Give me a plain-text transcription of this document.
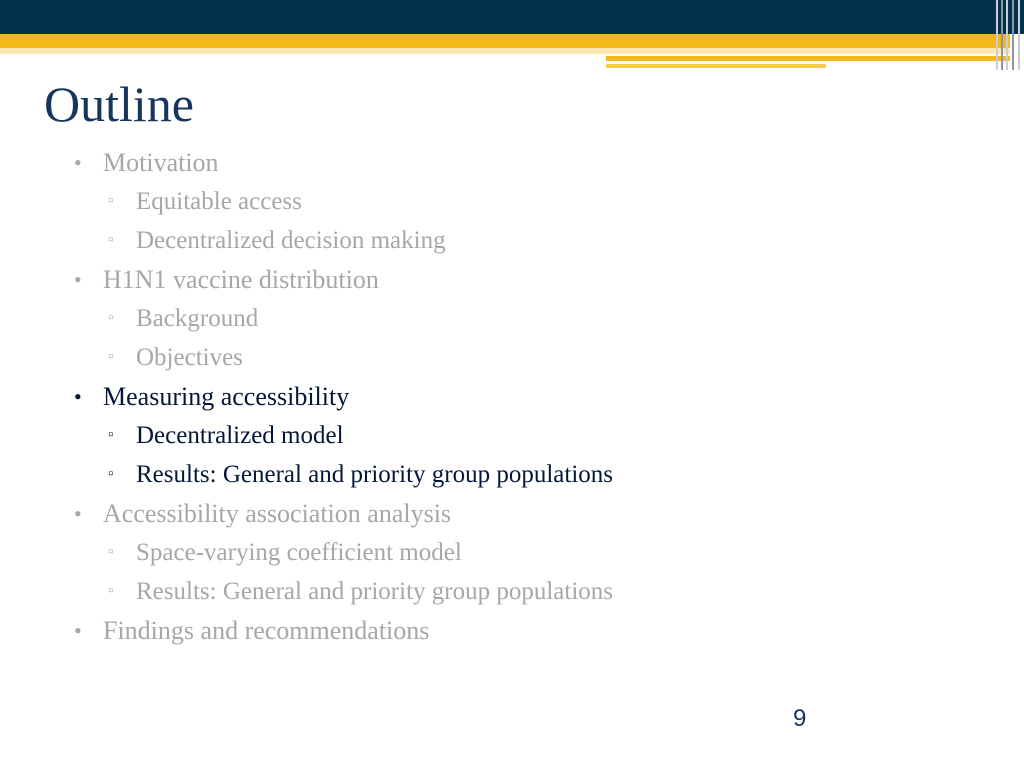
Outline
• Motivation
▫ Equitable access
▫ Decentralized decision making
• H1N1 vaccine distribution
▫ Background
▫ Objectives
• Measuring accessibility
▫ Decentralized model
▫ Results: General and priority group populations
• Accessibility association analysis
▫ Space-varying coefficient model
▫ Results: General and priority group populations
• Findings and recommendations
9
